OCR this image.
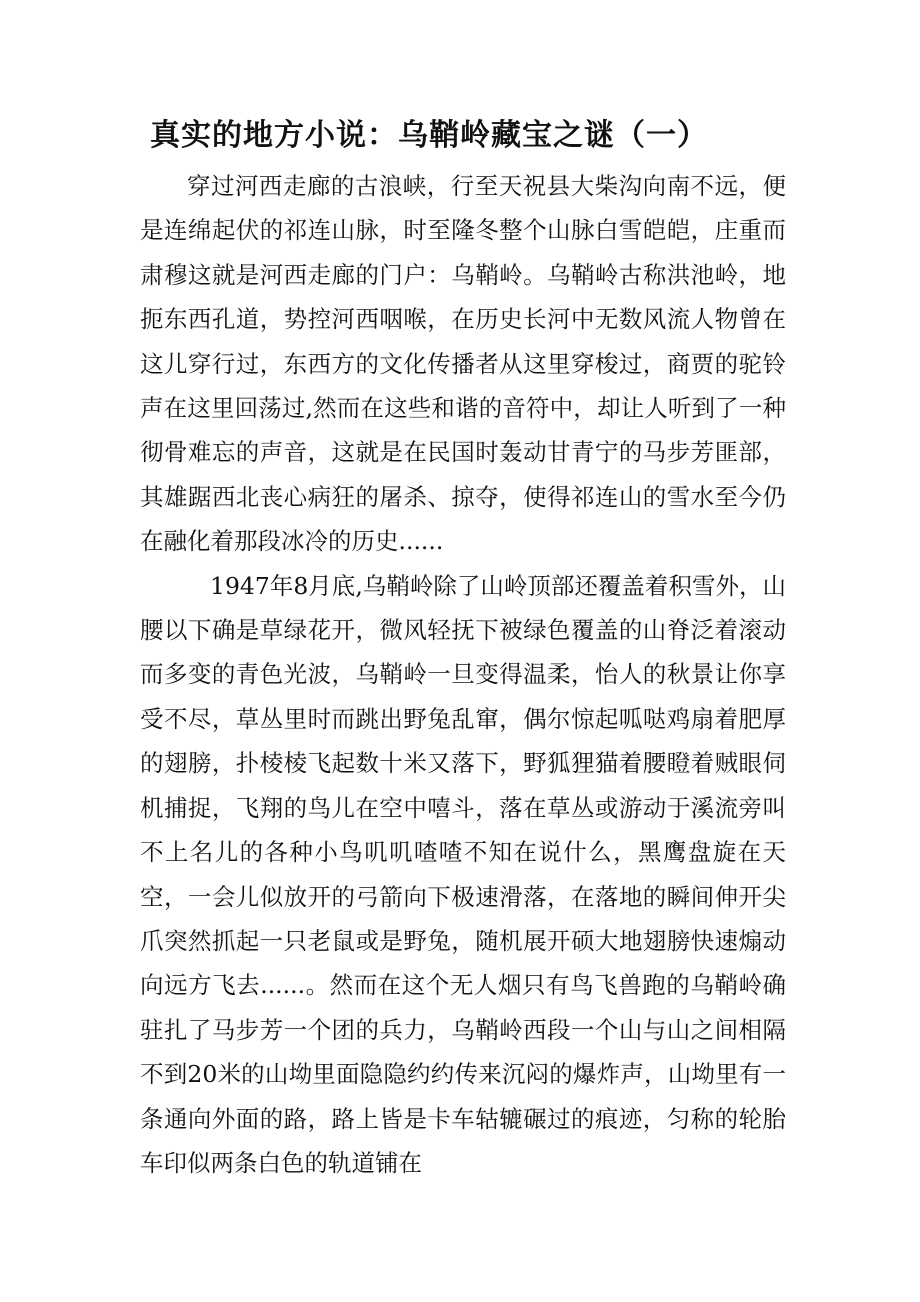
真实的地方小说：乌鞘岭藏宝之谜（一）

穿过河西走廊的古浪峡，行至天祝县大柴沟向南不远，便是连绵起伏的祁连山脉，时至隆冬整个山脉白雪皑皑，庄重而肃穆这就是河西走廊的门户：乌鞘岭。乌鞘岭古称洪池岭，地扼东西孔道，势控河西咽喉，在历史长河中无数风流人物曾在这儿穿行过，东西方的文化传播者从这里穿梭过，商贾的驼铃声在这里回荡过,然而在这些和谐的音符中，却让人听到了一种彻骨难忘的声音，这就是在民国时轰动甘青宁的马步芳匪部，其雄踞西北丧心病狂的屠杀、掠夺，使得祁连山的雪水至今仍在融化着那段冰冷的历史......

1947年8月底,乌鞘岭除了山岭顶部还覆盖着积雪外，山腰以下确是草绿花开，微风轻抚下被绿色覆盖的山脊泛着滚动而多变的青色光波，乌鞘岭一旦变得温柔，怡人的秋景让你享受不尽，草丛里时而跳出野兔乱窜，偶尔惊起呱哒鸡扇着肥厚的翅膀，扑棱棱飞起数十米又落下，野狐狸猫着腰瞪着贼眼伺机捕捉，飞翔的鸟儿在空中嘻斗，落在草丛或游动于溪流旁叫不上名儿的各种小鸟叽叽喳喳不知在说什么，黑鹰盘旋在天空，一会儿似放开的弓箭向下极速滑落，在落地的瞬间伸开尖爪突然抓起一只老鼠或是野兔，随机展开硕大地翅膀快速煽动向远方飞去......。然而在这个无人烟只有鸟飞兽跑的乌鞘岭确驻扎了马步芳一个团的兵力，乌鞘岭西段一个山与山之间相隔不到20米的山坳里面隐隐约约传来沉闷的爆炸声，山坳里有一条通向外面的路，路上皆是卡车轱辘碾过的痕迹，匀称的轮胎车印似两条白色的轨道铺在
